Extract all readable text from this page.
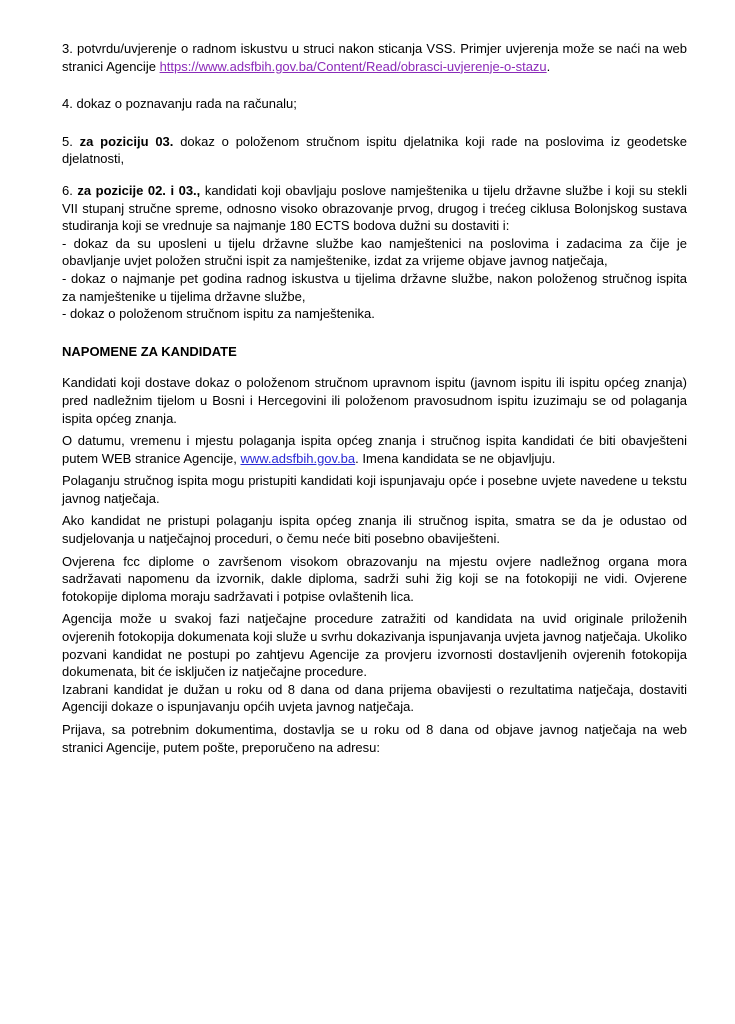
3. potvrdu/uvjerenje o radnom iskustvu u struci nakon sticanja VSS. Primjer uvjerenja može se naći na web stranici Agencije https://www.adsfbih.gov.ba/Content/Read/obrasci-uvjerenje-o-stazu.

4. dokaz o poznavanju rada na računalu;

5. za poziciju 03. dokaz o položenom stručnom ispitu djelatnika koji rade na poslovima iz geodetske djelatnosti,

6. za pozicije 02. i 03., kandidati koji obavljaju poslove namještenika u tijelu državne službe i koji su stekli VII stupanj stručne spreme, odnosno visoko obrazovanje prvog, drugog i trećeg ciklusa Bolonjskog sustava studiranja koji se vrednuje sa najmanje 180 ECTS bodova dužni su dostaviti i:

- dokaz da su uposleni u tijelu državne službe kao namještenici na poslovima i zadacima za čije je obavljanje uvjet položen stručni ispit za namještenike, izdat za vrijeme objave javnog natječaja,

- dokaz o najmanje pet godina radnog iskustva u tijelima državne službe, nakon položenog stručnog ispita za namještenike u tijelima državne službe,

- dokaz o položenom stručnom ispitu za namještenika.

NAPOMENE ZA KANDIDATE

Kandidati koji dostave dokaz o položenom stručnom upravnom ispitu (javnom ispitu ili ispitu općeg znanja) pred nadležnim tijelom u Bosni i Hercegovini ili položenom pravosudnom ispitu izuzimaju se od polaganja ispita općeg znanja.

O datumu, vremenu i mjestu polaganja ispita općeg znanja i stručnog ispita kandidati će biti obavješteni putem WEB stranice Agencije, www.adsfbih.gov.ba. Imena kandidata se ne objavljuju.

Polaganju stručnog ispita mogu pristupiti kandidati koji ispunjavaju opće i posebne uvjete navedene u tekstu javnog natječaja.

Ako kandidat ne pristupi polaganju ispita općeg znanja ili stručnog ispita, smatra se da je odustao od sudjelovanja u natječajnoj proceduri, o čemu neće biti posebno obaviješteni.

Ovjerena fcc diplome o završenom visokom obrazovanju na mjestu ovjere nadležnog organa mora sadržavati napomenu da izvornik, dakle diploma, sadrži suhi žig koji se na fotokopiji ne vidi. Ovjerene fotokopije diploma moraju sadržavati i potpise ovlaštenih lica.

Agencija može u svakoj fazi natječajne procedure zatražiti od kandidata na uvid originale priloženih ovjerenih fotokopija dokumenata koji služe u svrhu dokazivanja ispunjavanja uvjeta javnog natječaja. Ukoliko pozvani kandidat ne postupi po zahtjevu Agencije za provjeru izvornosti dostavljenih ovjerenih fotokopija dokumenata, bit će isključen iz natječajne procedure.

Izabrani kandidat je dužan u roku od 8 dana od dana prijema obavijesti o rezultatima natječaja, dostaviti Agenciji dokaze o ispunjavanju općih uvjeta javnog natječaja.

Prijava, sa potrebnim dokumentima, dostavlja se u roku od 8 dana od objave javnog natječaja na web stranici Agencije, putem pošte, preporučeno na adresu:
